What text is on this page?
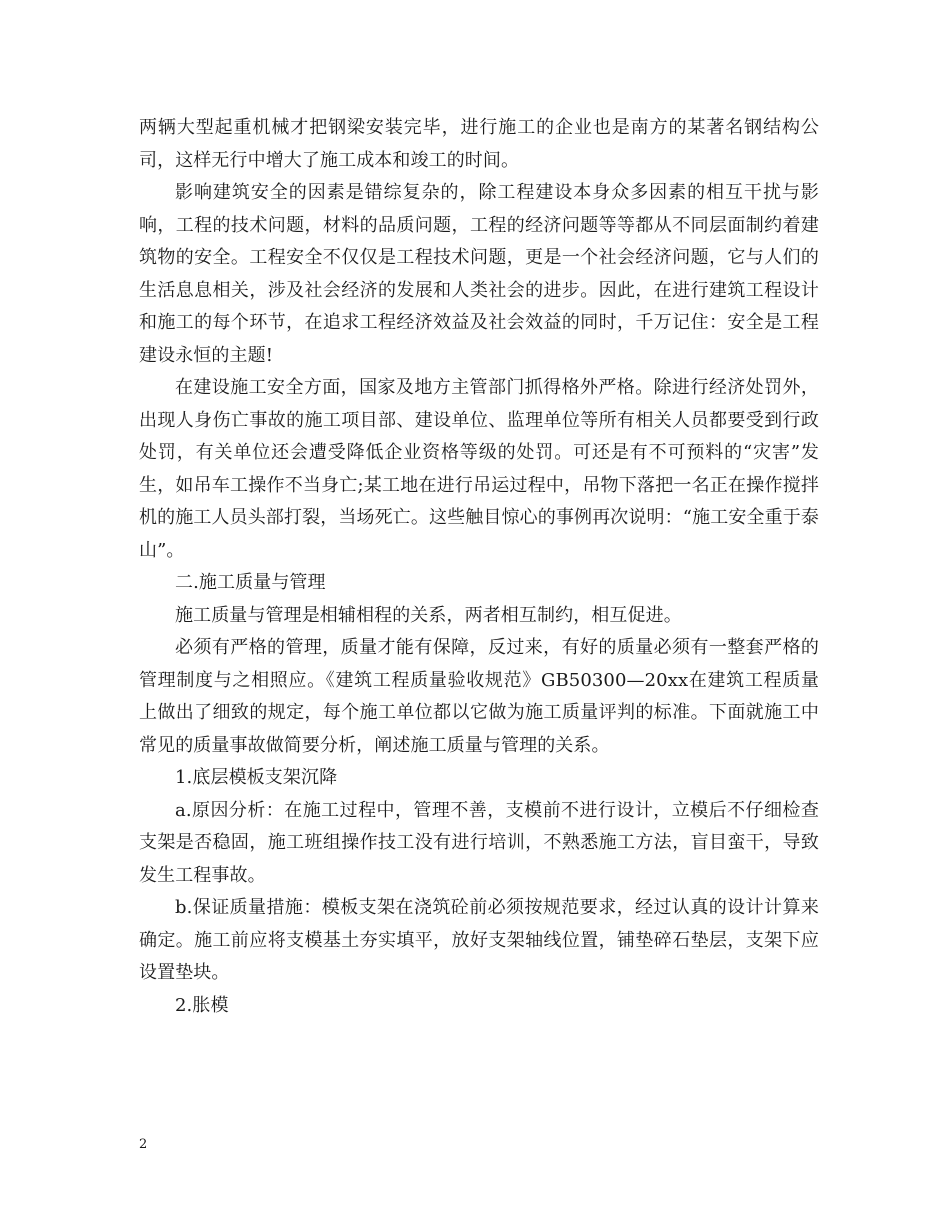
两辆大型起重机械才把钢梁安装完毕，进行施工的企业也是南方的某著名钢结构公司，这样无行中增大了施工成本和竣工的时间。

影响建筑安全的因素是错综复杂的，除工程建设本身众多因素的相互干扰与影响，工程的技术问题，材料的品质问题，工程的经济问题等等都从不同层面制约着建筑物的安全。工程安全不仅仅是工程技术问题，更是一个社会经济问题，它与人们的生活息息相关，涉及社会经济的发展和人类社会的进步。因此，在进行建筑工程设计和施工的每个环节，在追求工程经济效益及社会效益的同时，千万记住：安全是工程建设永恒的主题!

在建设施工安全方面，国家及地方主管部门抓得格外严格。除进行经济处罚外，出现人身伤亡事故的施工项目部、建设单位、监理单位等所有相关人员都要受到行政处罚，有关单位还会遭受降低企业资格等级的处罚。可还是有不可预料的“灾害”发生，如吊车工操作不当身亡;某工地在进行吊运过程中，吊物下落把一名正在操作搅拌机的施工人员头部打裂，当场死亡。这些触目惊心的事例再次说明：“施工安全重于泰山”。

二.施工质量与管理

施工质量与管理是相辅相程的关系，两者相互制约，相互促进。

必须有严格的管理，质量才能有保障，反过来，有好的质量必须有一整套严格的管理制度与之相照应。《建筑工程质量验收规范》GB50300—20xx在建筑工程质量上做出了细致的规定，每个施工单位都以它做为施工质量评判的标准。下面就施工中常见的质量事故做简要分析，阐述施工质量与管理的关系。

1.底层模板支架沉降

a.原因分析：在施工过程中，管理不善，支模前不进行设计，立模后不仔细检查支架是否稳固，施工班组操作技工没有进行培训，不熟悉施工方法，盲目蛮干，导致发生工程事故。

b.保证质量措施：模板支架在浇筑砼前必须按规范要求，经过认真的设计计算来确定。施工前应将支模基土夯实填平，放好支架轴线位置，铺垫碎石垫层，支架下应设置垫块。

2.胀模

2
